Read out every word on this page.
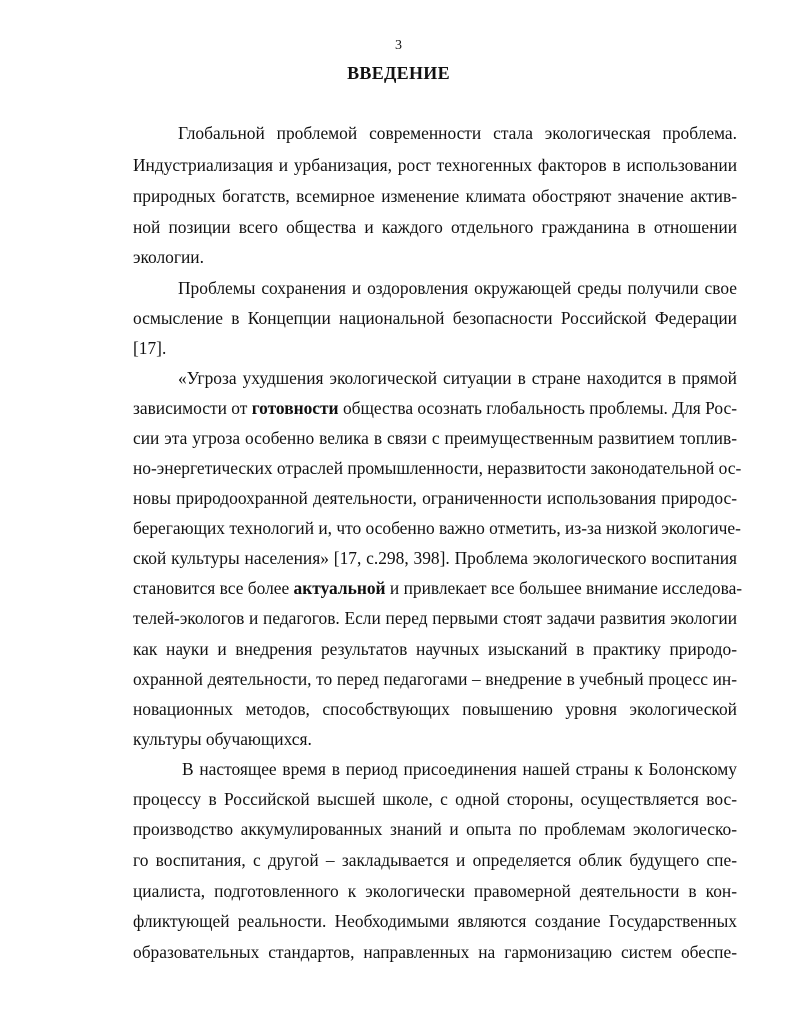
3
ВВЕДЕНИЕ
Глобальной проблемой современности стала экологическая проблема.
Индустриализация и урбанизация, рост техногенных факторов в использовании
природных богатств, всемирное изменение климата обостряют значение актив-
ной позиции всего общества и каждого отдельного гражданина в отношении
экологии.
Проблемы сохранения и оздоровления окружающей среды получили свое
осмысление в Концепции национальной безопасности Российской Федерации
[17].
«Угроза ухудшения экологической ситуации в стране находится в прямой
зависимости от готовности общества осознать глобальность проблемы. Для Рос-
сии эта угроза особенно велика в связи с преимущественным развитием топлив-
но-энергетических отраслей промышленности, неразвитости законодательной ос-
новы природоохранной деятельности, ограниченности использования природос-
берегающих технологий и, что особенно важно отметить, из-за низкой экологиче-
ской культуры населения» [17, с.298, 398]. Проблема экологического воспитания
становится все более актуальной и привлекает все большее внимание исследова-
телей-экологов и педагогов. Если перед первыми стоят задачи развития экологии
как науки и внедрения результатов научных изысканий в практику природо-
охранной деятельности, то перед педагогами – внедрение в учебный процесс ин-
новационных методов, способствующих повышению уровня экологической
культуры обучающихся.
В настоящее время в период присоединения нашей страны к Болонскому
процессу в Российской высшей школе, с одной стороны, осуществляется вос-
производство аккумулированных знаний и опыта по проблемам экологическо-
го воспитания, с другой – закладывается и определяется облик будущего спе-
циалиста, подготовленного к экологически правомерной деятельности в кон-
фликтующей реальности. Необходимыми являются создание Государственных
образовательных стандартов, направленных на гармонизацию систем обеспе-
